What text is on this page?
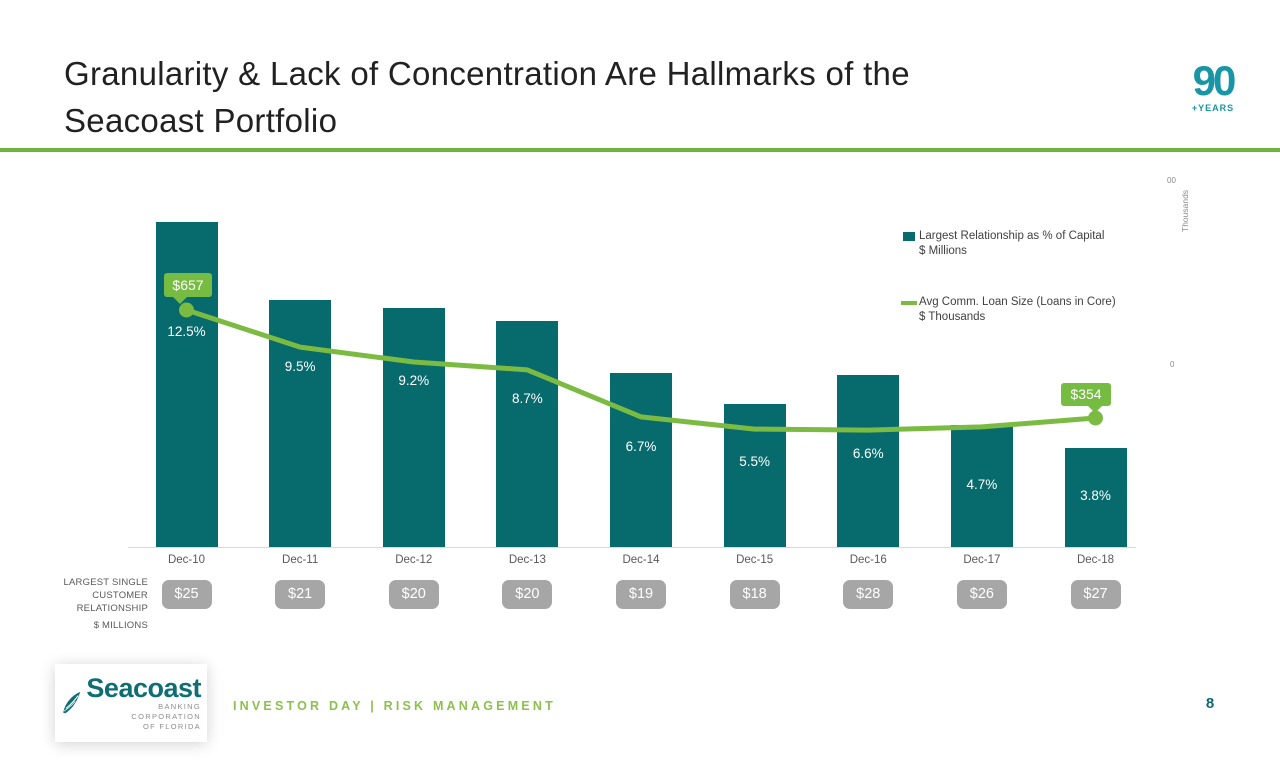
Granularity & Lack of Concentration Are Hallmarks of the
Seacoast Portfolio
90
+YEARS
12.5%
Dec-10
$25
9.5%
Dec-11
$21
9.2%
Dec-12
$20
8.7%
Dec-13
$20
6.7%
Dec-14
$19
5.5%
Dec-15
$18
6.6%
Dec-16
$28
4.7%
Dec-17
$26
3.8%
Dec-18
$27
$657
$354
Largest Relationship as % of Capital
$ Millions
Avg Comm. Loan Size (Loans in Core)
$ Thousands
00
Thousands
0
LARGEST SINGLE
CUSTOMER
RELATIONSHIP
$ MILLIONS
Seacoast
BANKING CORPORATION
OF FLORIDA
INVESTOR DAY | RISK MANAGEMENT	8
